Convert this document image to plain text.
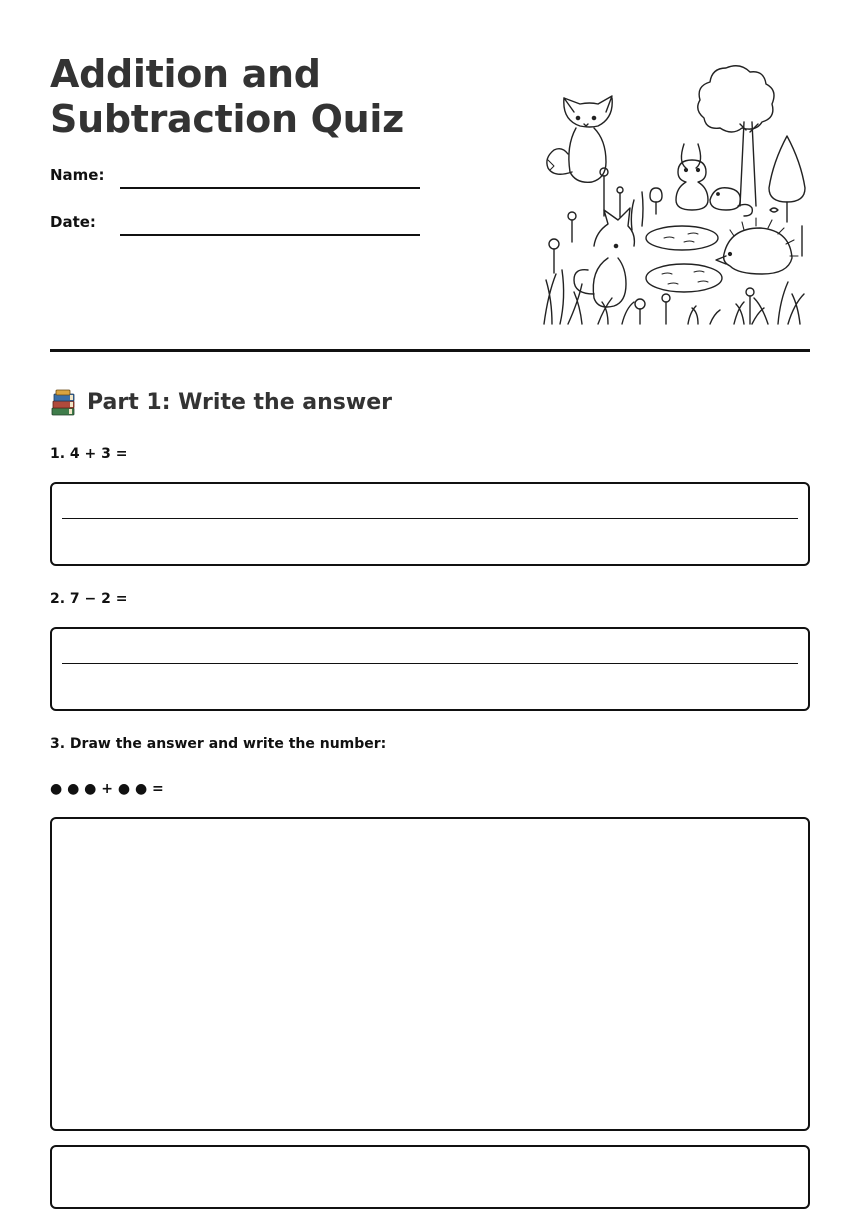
Addition and
Subtraction Quiz
Name:
Date:
Part 1: Write the answer
1. 4 + 3 =
2. 7 − 2 =
3. Draw the answer and write the number:
● ● ● + ● ● =
